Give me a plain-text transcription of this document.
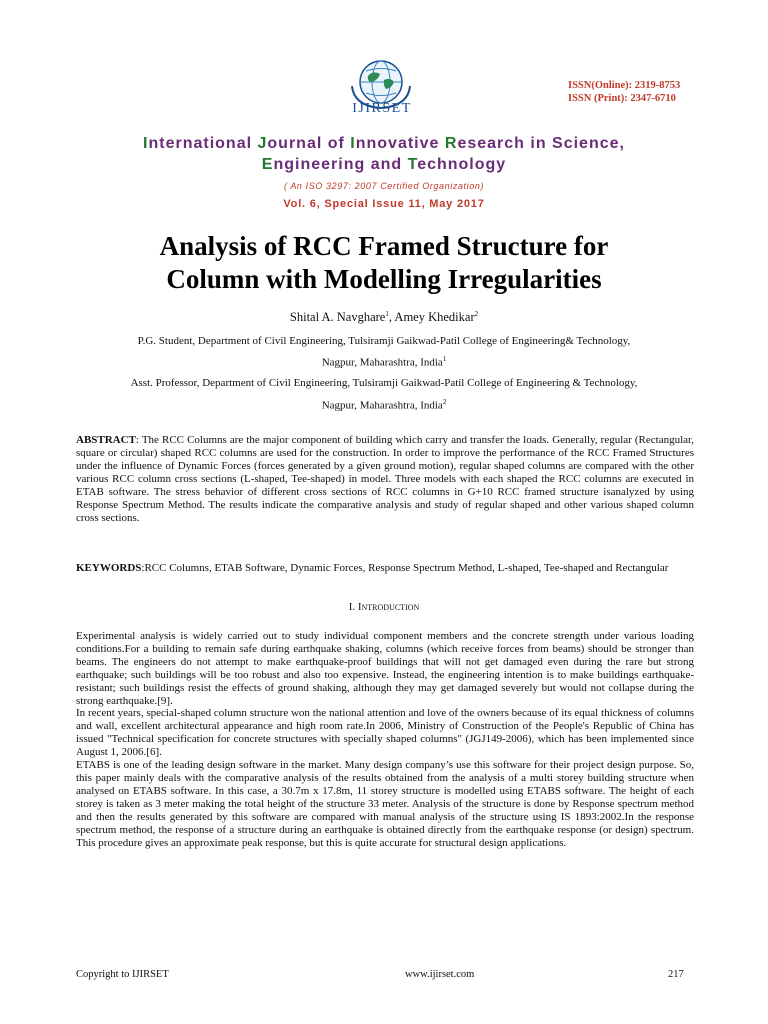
IJIRSET
ISSN(Online): 2319-8753
ISSN (Print): 2347-6710
International Journal of Innovative Research in Science,
Engineering and Technology
( An ISO 3297: 2007 Certified Organization)
Vol. 6, Special Issue 11, May 2017
Analysis of RCC Framed Structure for
Column with Modelling Irregularities
Shital A. Navghare$^1$, Amey Khedikar$^2$
P.G. Student, Department of Civil Engineering, Tulsiramji Gaikwad-Patil College of Engineering& Technology,
Nagpur, Maharashtra, India$^1$
Asst. Professor, Department of Civil Engineering, Tulsiramji Gaikwad-Patil College of Engineering & Technology,
Nagpur, Maharashtra, India$^2$
ABSTRACT: The RCC Columns are the major component of building which carry and transfer the loads. Generally, regular (Rectangular, square or circular) shaped RCC columns are used for the construction. In order to improve the performance of the RCC Framed Structures under the influence of Dynamic Forces (forces generated by a given ground motion), regular shaped columns are compared with the other various RCC column cross sections (L-shaped, Tee-shaped) in model. Three models with each shaped the RCC columns are executed in ETAB software. The stress behavior of different cross sections of RCC columns in G+10 RCC framed structure isanalyzed by using Response Spectrum Method. The results indicate the comparative analysis and study of regular shaped and other various shaped column cross sections.
KEYWORDS:RCC Columns, ETAB Software, Dynamic Forces, Response Spectrum Method, L-shaped, Tee-shaped and Rectangular
I. Introduction

Experimental analysis is widely carried out to study individual component members and the concrete strength under various loading conditions.For a building to remain safe during earthquake shaking, columns (which receive forces from beams) should be stronger than beams. The engineers do not attempt to make earthquake-proof buildings that will not get damaged even during the rare but strong earthquake; such buildings will be too robust and also too expensive. Instead, the engineering intention is to make buildings earthquake-resistant; such buildings resist the effects of ground shaking, although they may get damaged severely but would not collapse during the strong earthquake.[9].

In recent years, special-shaped column structure won the national attention and love of the owners because of its equal thickness of columns and wall, excellent architectural appearance and high room rate.In 2006, Ministry of Construction of the People's Republic of China has issued "Technical specification for concrete structures with specially shaped columns" (JGJ149-2006), which has been implemented since August 1, 2006.[6].

ETABS is one of the leading design software in the market. Many design company’s use this software for their project design purpose. So, this paper mainly deals with the comparative analysis of the results obtained from the analysis of a multi storey building structure when analysed on ETABS software. In this case, a 30.7m x 17.8m, 11 storey structure is modelled using ETABS software. The height of each storey is taken as 3 meter making the total height of the structure 33 meter. Analysis of the structure is done by Response spectrum method and then the results generated by this software are compared with manual analysis of the structure using IS 1893:2002.In the response spectrum method, the response of a structure during an earthquake is obtained directly from the earthquake response (or design) spectrum. This procedure gives an approximate peak response, but this is quite accurate for structural design applications.

Copyright to IJIRSET	www.ijirset.com	217
